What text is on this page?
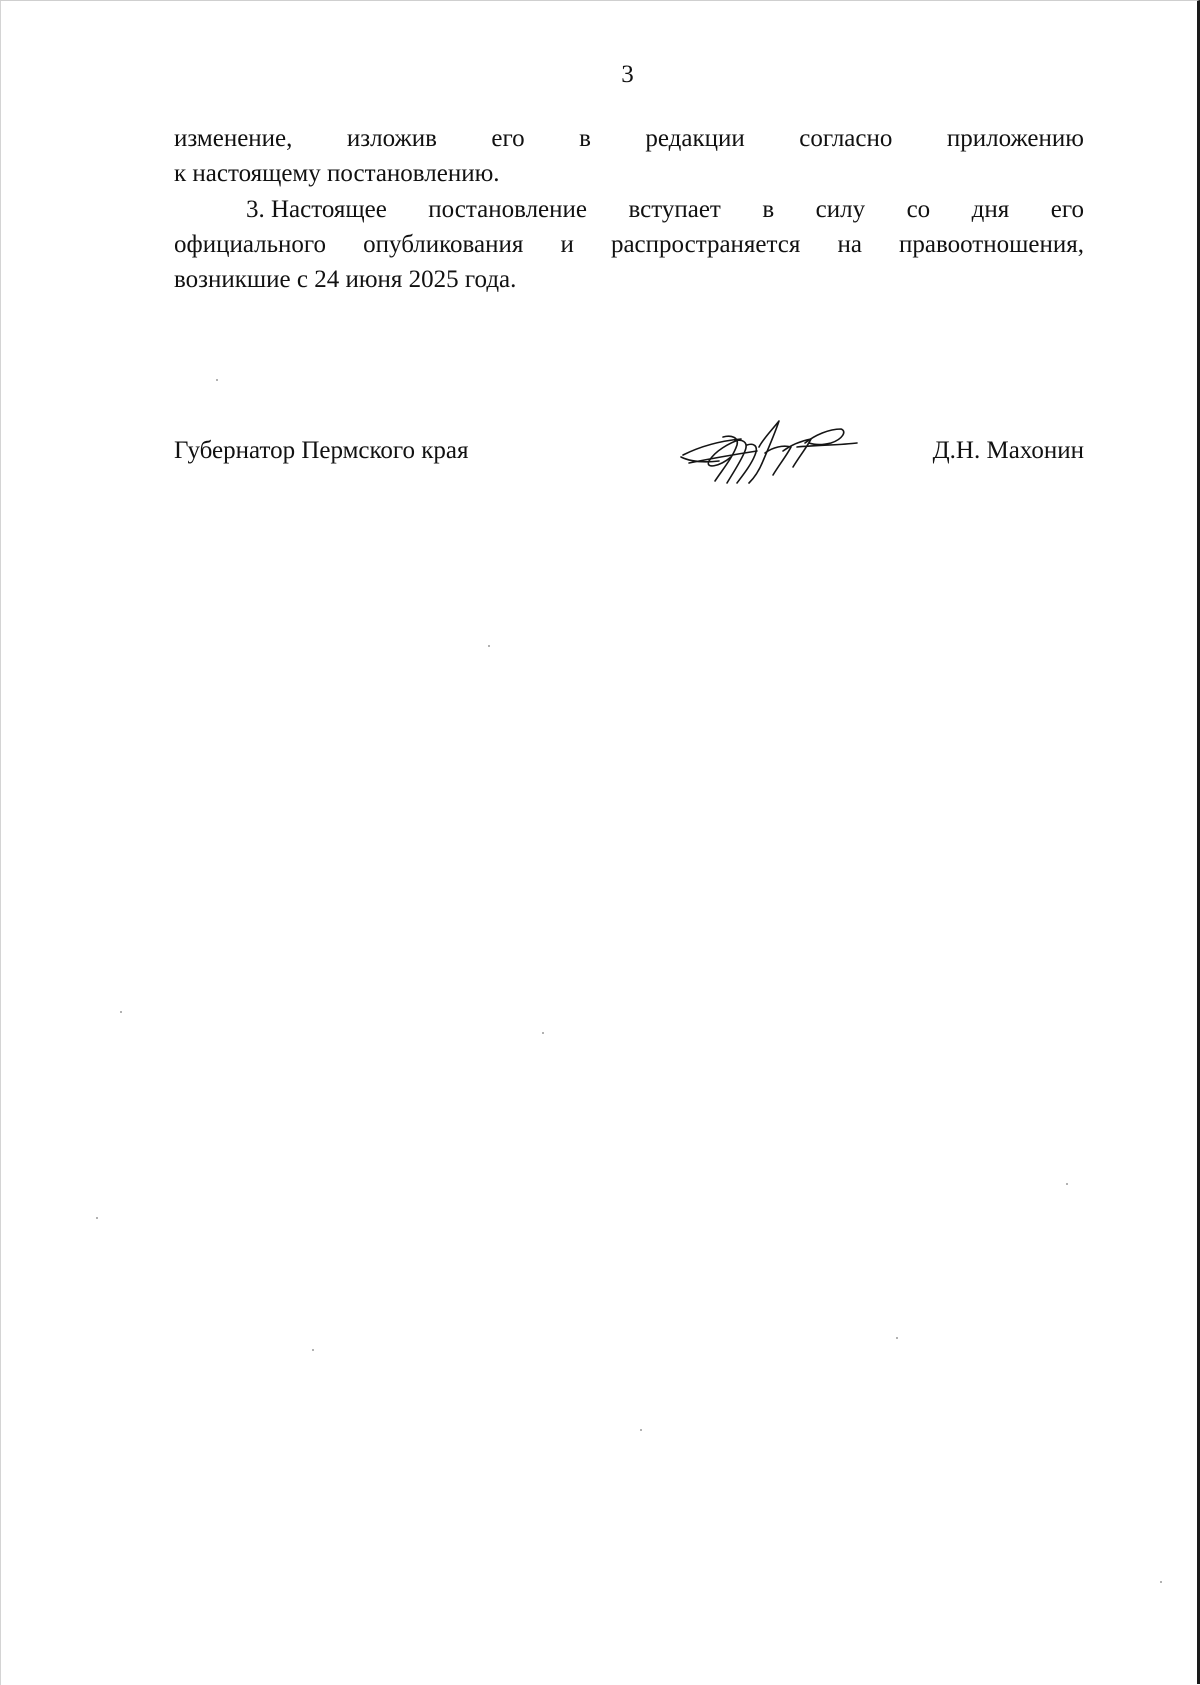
3
изменение, изложив его в редакции согласно приложению
к настоящему постановлению.
3. Настоящее постановление вступает в силу со дня его
официального опубликования и распространяется на правоотношения,
возникшие с 24 июня 2025 года.
Губернатор Пермского края	Д.Н. Махонин
